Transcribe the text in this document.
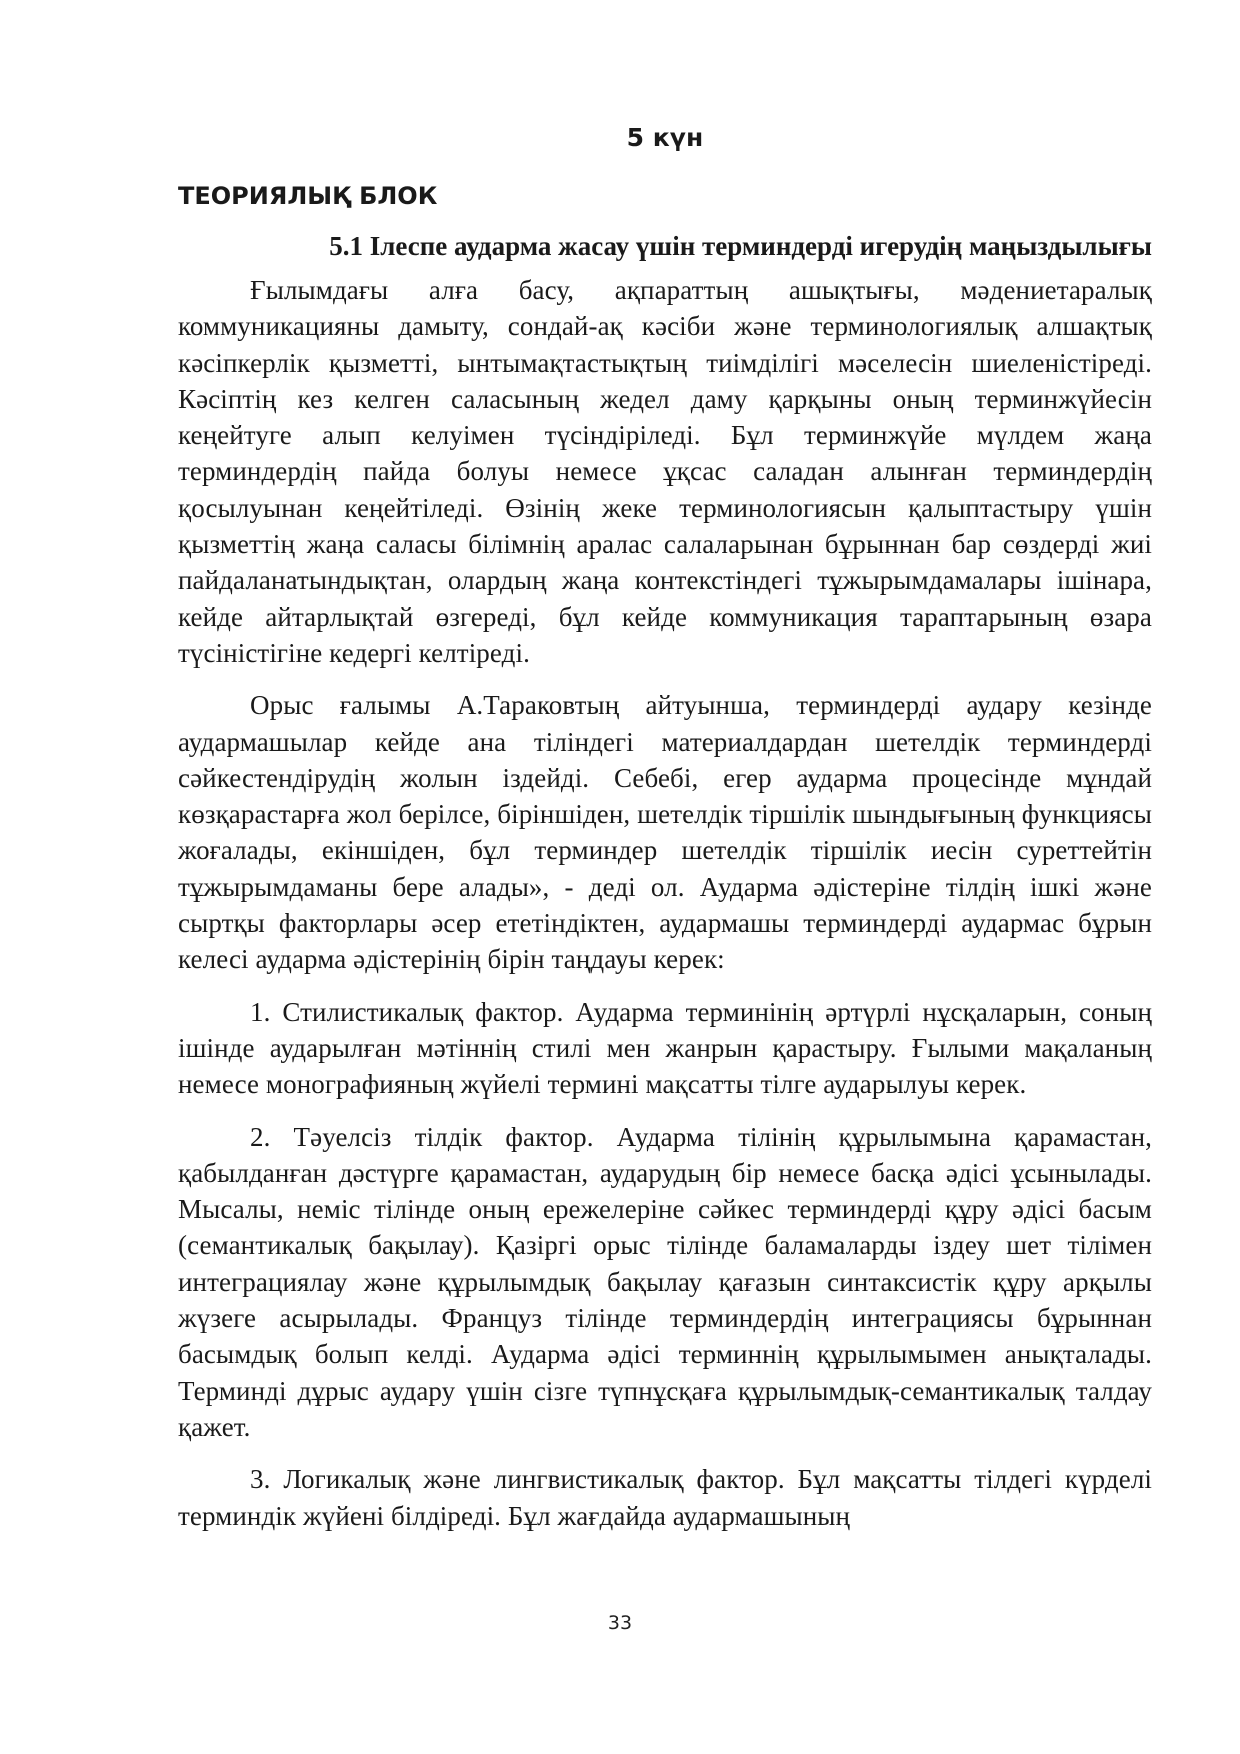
5 күн
ТЕОРИЯЛЫҚ БЛОК
5.1 Ілеспе аударма жасау үшін терминдерді игерудің маңыздылығы

Ғылымдағы алға басу, ақпараттың ашықтығы, мәдениетаралық коммуникацияны дамыту, сондай-ақ кәсіби және терминологиялық алшақтық кәсіпкерлік қызметті, ынтымақтастықтың тиімділігі мәселесін шиеленістіреді. Кәсіптің кез келген саласының жедел даму қарқыны оның терминжүйесін кеңейтуге алып келуімен түсіндіріледі. Бұл терминжүйе мүлдем жаңа терминдердің пайда болуы немесе ұқсас саладан алынған терминдердің қосылуынан кеңейтіледі. Өзінің жеке терминологиясын қалыптастыру үшін қызметтің жаңа саласы білімнің аралас салаларынан бұрыннан бар сөздерді жиі пайдаланатындықтан, олардың жаңа контекстіндегі тұжырымдамалары ішінара, кейде айтарлықтай өзгереді, бұл кейде коммуникация тараптарының өзара түсіністігіне кедергі келтіреді.

Орыс ғалымы А.Тараковтың айтуынша, терминдерді аудару кезінде аудармашылар кейде ана тіліндегі материалдардан шетелдік терминдерді сәйкестендірудің жолын іздейді. Себебі, егер аударма процесінде мұндай көзқарастарға жол берілсе, біріншіден, шетелдік тіршілік шындығының функциясы жоғалады, екіншіден, бұл терминдер шетелдік тіршілік иесін суреттейтін тұжырымдаманы бере алады», - деді ол. Аударма әдістеріне тілдің ішкі және сыртқы факторлары әсер ететіндіктен, аудармашы терминдерді аудармас бұрын келесі аударма әдістерінің бірін таңдауы керек:

1. Стилистикалық фактор. Аударма терминінің әртүрлі нұсқаларын, соның ішінде аударылған мәтіннің стилі мен жанрын қарастыру. Ғылыми мақаланың немесе монографияның жүйелі термині мақсатты тілге аударылуы керек.

2. Тәуелсіз тілдік фактор. Аударма тілінің құрылымына қарамастан, қабылданған дәстүрге қарамастан, аударудың бір немесе басқа әдісі ұсынылады. Мысалы, неміс тілінде оның ережелеріне сәйкес терминдерді құру әдісі басым (семантикалық бақылау). Қазіргі орыс тілінде баламаларды іздеу шет тілімен интеграциялау және құрылымдық бақылау қағазын синтаксистік құру арқылы жүзеге асырылады. Француз тілінде терминдердің интеграциясы бұрыннан басымдық болып келді. Аударма әдісі терминнің құрылымымен анықталады. Терминді дұрыс аудару үшін сізге түпнұсқаға құрылымдық-семантикалық талдау қажет.

3. Логикалық және лингвистикалық фактор. Бұл мақсатты тілдегі күрделі терминдік жүйені білдіреді. Бұл жағдайда аудармашының

33
